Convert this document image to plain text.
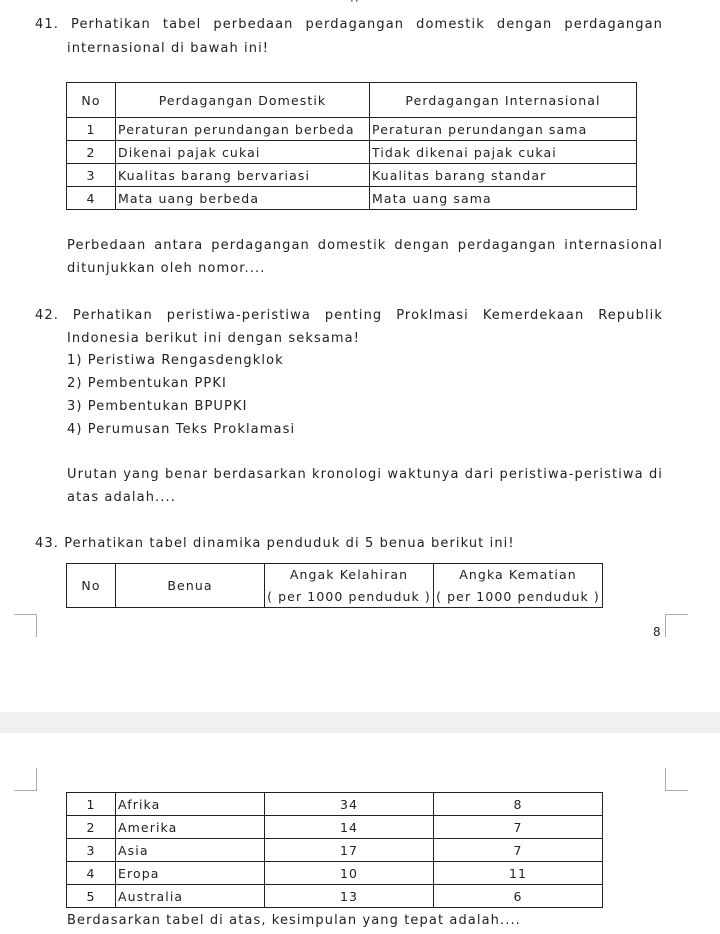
··
41. Perhatikan tabel perbedaan perdagangan domestik dengan perdagangan
internasional di bawah ini!
No	Perdagangan Domestik	Perdagangan Internasional
1	Peraturan perundangan berbeda	Peraturan perundangan sama
2	Dikenai pajak cukai	Tidak dikenai pajak cukai
3	Kualitas barang bervariasi	Kualitas barang standar
4	Mata uang berbeda	Mata uang sama
Perbedaan antara perdagangan domestik dengan perdagangan internasional
ditunjukkan oleh nomor....
42. Perhatikan peristiwa-peristiwa penting Proklmasi Kemerdekaan Republik
Indonesia berikut ini dengan seksama!
1) Peristiwa Rengasdengklok
2) Pembentukan PPKI
3) Pembentukan BPUPKI
4) Perumusan Teks Proklamasi
Urutan yang benar berdasarkan kronologi waktunya dari peristiwa-peristiwa di
atas adalah....
43. Perhatikan tabel dinamika penduduk di 5 benua berikut ini!
No	Benua	Angak Kelahiran	Angka Kematian
		( per 1000 penduduk )	( per 1000 penduduk )
8
1	Afrika	34	8
2	Amerika	14	7
3	Asia	17	7
4	Eropa	10	11
5	Australia	13	6
Berdasarkan tabel di atas, kesimpulan yang tepat adalah....
